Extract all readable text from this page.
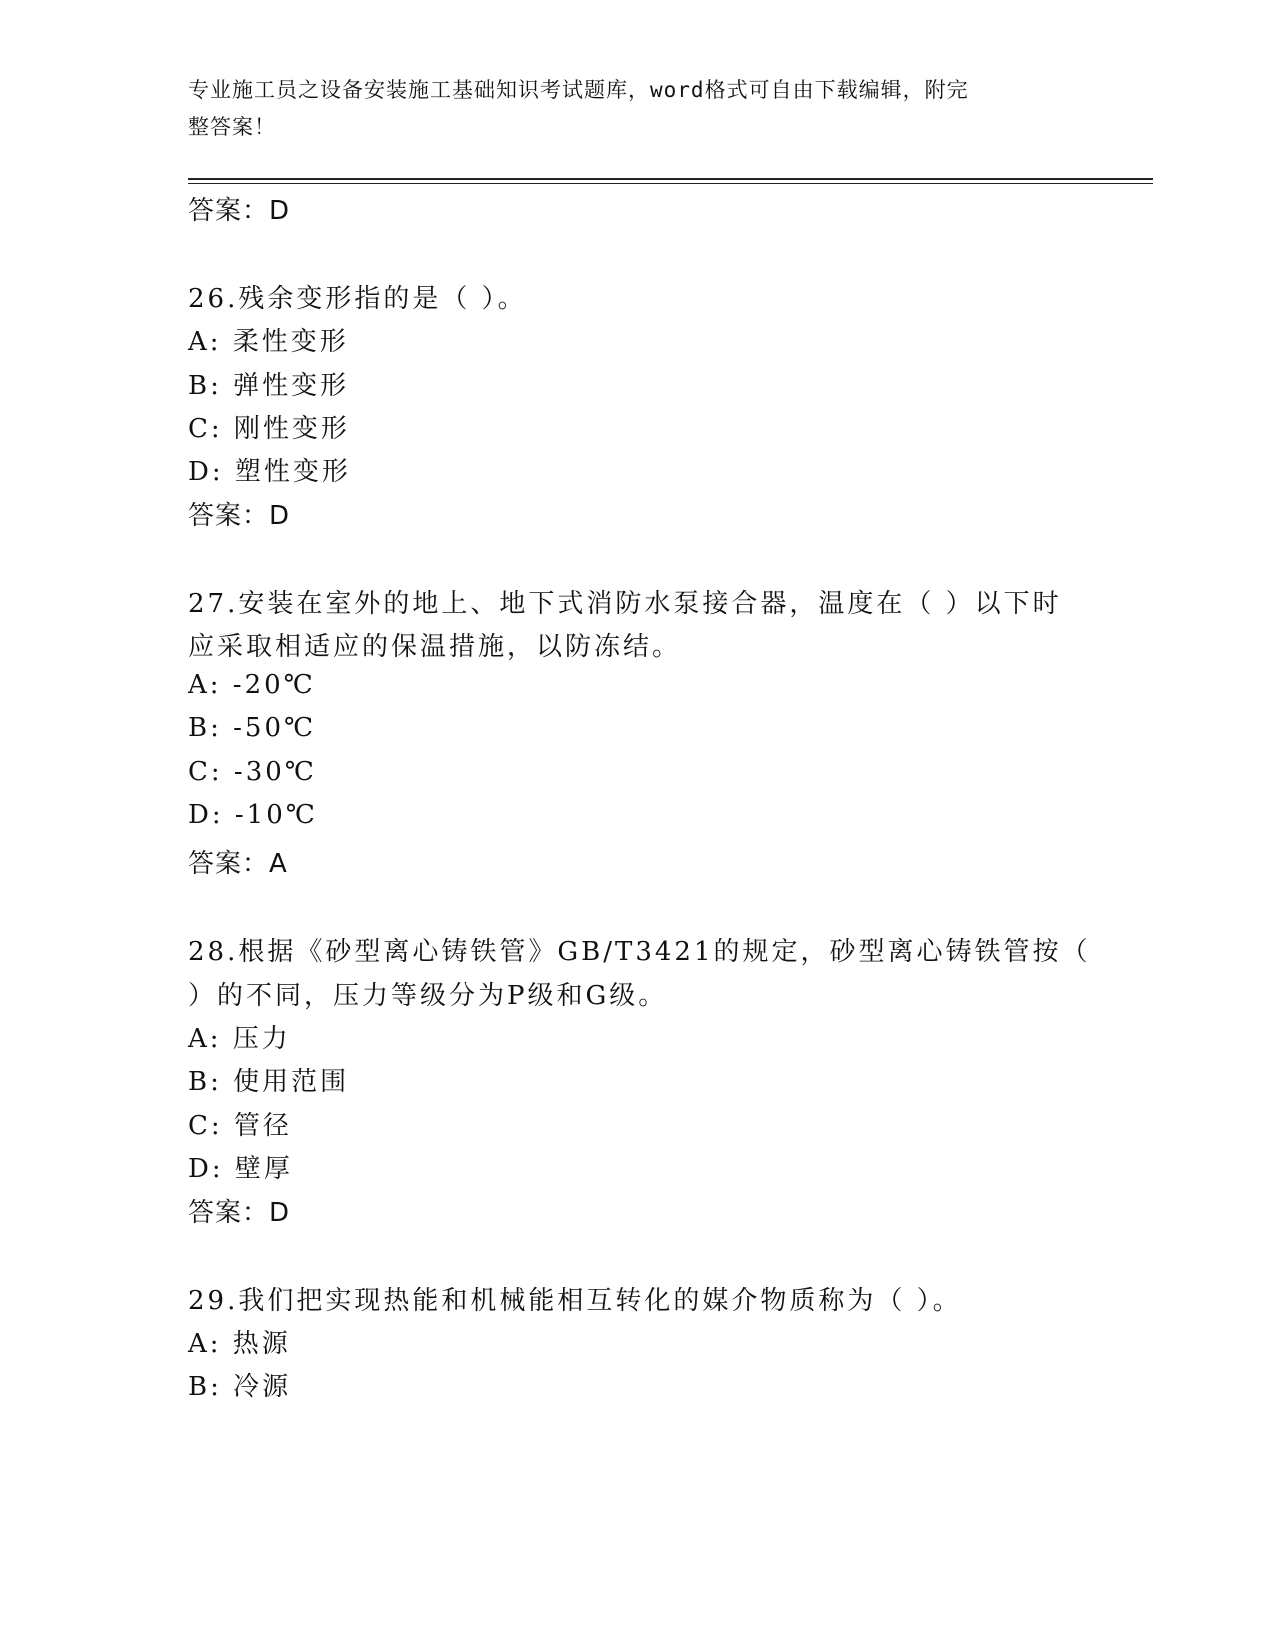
专业施工员之设备安装施工基础知识考试题库，word格式可自由下载编辑，附完
整答案！
答案：D
26.残余变形指的是（ ）。
A: 柔性变形
B: 弹性变形
C: 刚性变形
D: 塑性变形
答案：D
27.安装在室外的地上、地下式消防水泵接合器，温度在（ ）以下时
应采取相适应的保温措施，以防冻结。
A: -20℃
B: -50℃
C: -30℃
D: -10℃
答案：A
28.根据《砂型离心铸铁管》GB/T3421的规定，砂型离心铸铁管按（
）的不同，压力等级分为P级和G级。
A: 压力
B: 使用范围
C: 管径
D: 壁厚
答案：D
29.我们把实现热能和机械能相互转化的媒介物质称为（ ）。
A: 热源
B: 冷源
